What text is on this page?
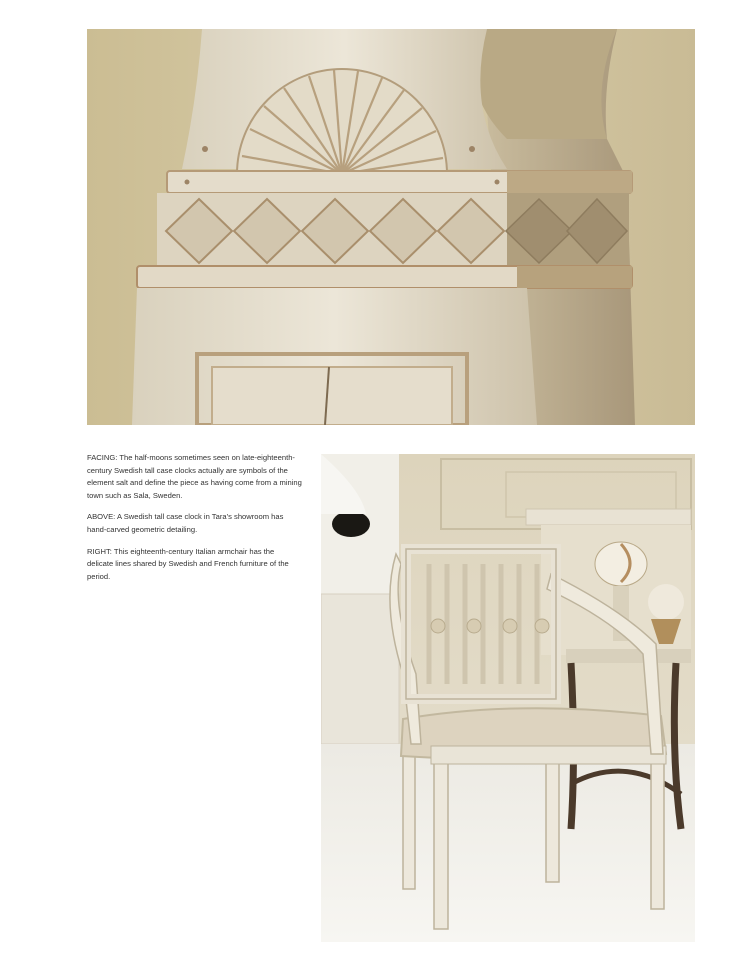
FACING: The half-moons sometimes seen on late-eighteenth-century Swedish tall case clocks actually are symbols of the element salt and define the piece as having come from a mining town such as Sala, Sweden.

ABOVE: A Swedish tall case clock in Tara’s showroom has hand-carved geometric detailing.

RIGHT: This eighteenth-century Italian armchair has the delicate lines shared by Swedish and French furniture of the period.
